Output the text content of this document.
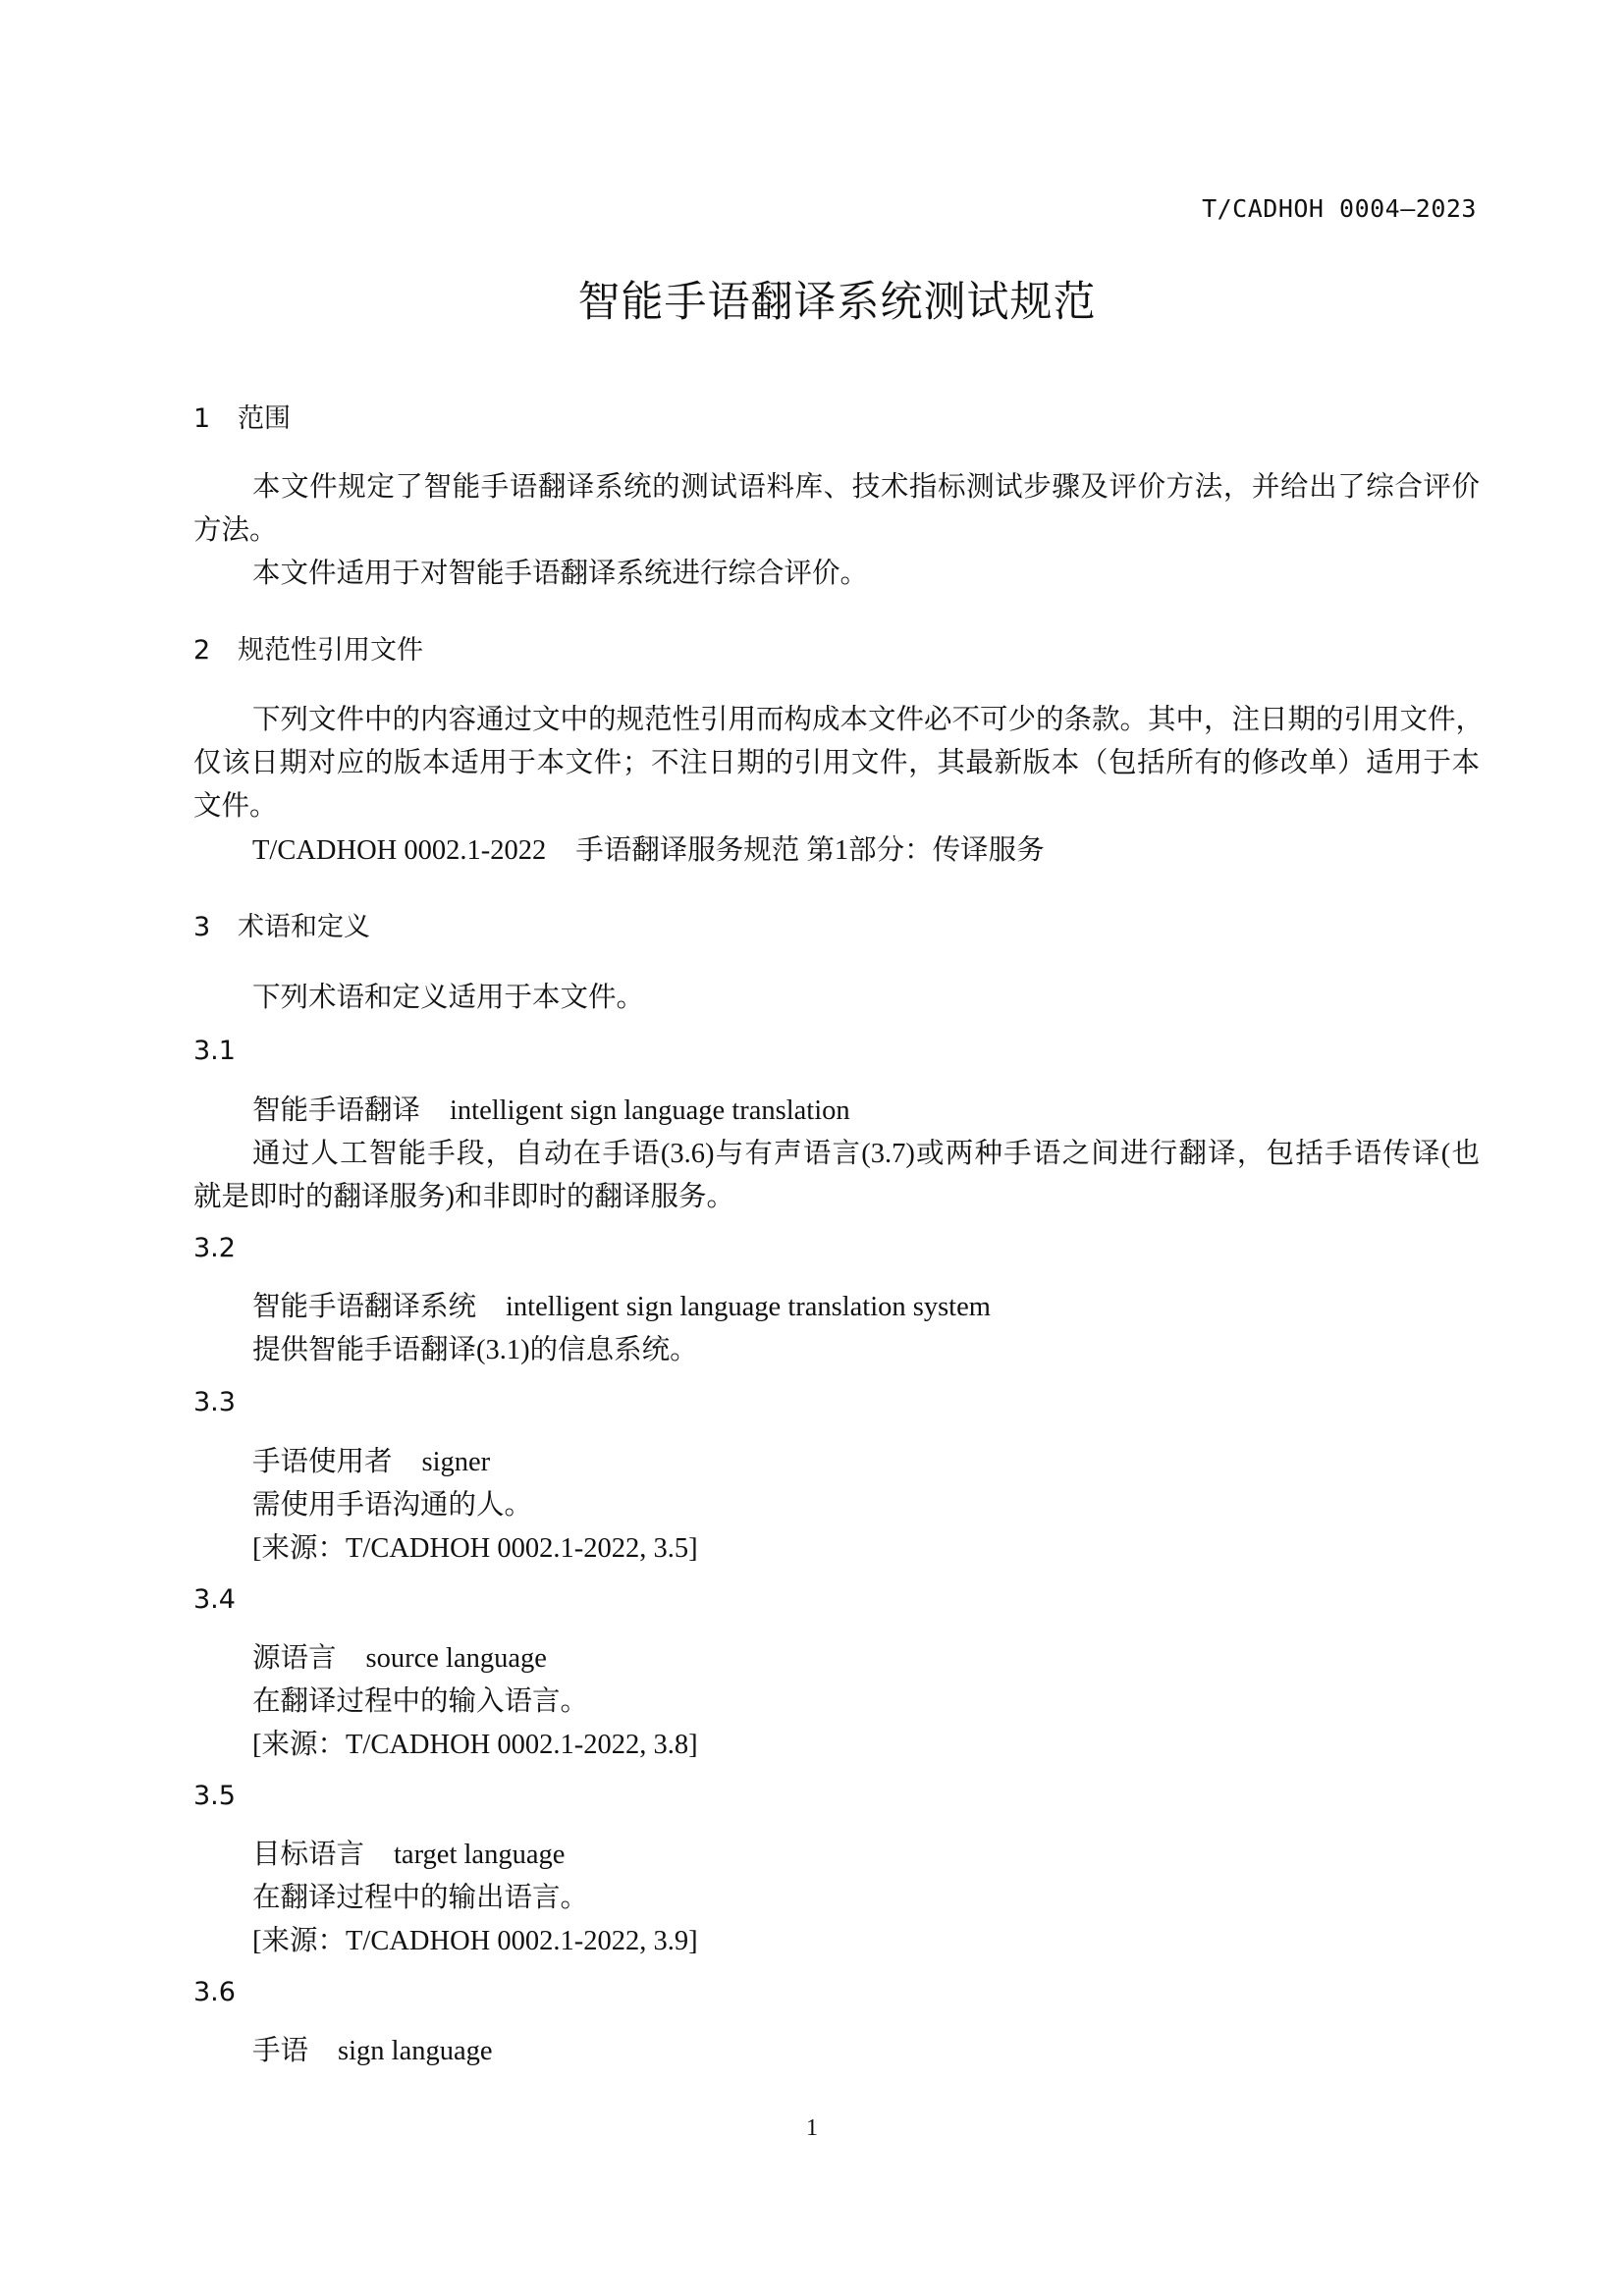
T/CADHOH 0004—2023
智能手语翻译系统测试规范
1 范围
本文件规定了智能手语翻译系统的测试语料库、技术指标测试步骤及评价方法，并给出了综合评价
方法。
本文件适用于对智能手语翻译系统进行综合评价。
2 规范性引用文件
下列文件中的内容通过文中的规范性引用而构成本文件必不可少的条款。其中，注日期的引用文件，
仅该日期对应的版本适用于本文件；不注日期的引用文件，其最新版本（包括所有的修改单）适用于本
文件。
T/CADHOH 0002.1-2022 手语翻译服务规范 第1部分：传译服务
3 术语和定义
下列术语和定义适用于本文件。
3.1
智能手语翻译 intelligent sign language translation
通过人工智能手段，自动在手语(3.6)与有声语言(3.7)或两种手语之间进行翻译，包括手语传译(也
就是即时的翻译服务)和非即时的翻译服务。
3.2
智能手语翻译系统 intelligent sign language translation system
提供智能手语翻译(3.1)的信息系统。
3.3
手语使用者 signer
需使用手语沟通的人。
[来源：T/CADHOH 0002.1-2022, 3.5]
3.4
源语言 source language
在翻译过程中的输入语言。
[来源：T/CADHOH 0002.1-2022, 3.8]
3.5
目标语言 target language
在翻译过程中的输出语言。
[来源：T/CADHOH 0002.1-2022, 3.9]
3.6
手语 sign language
1
